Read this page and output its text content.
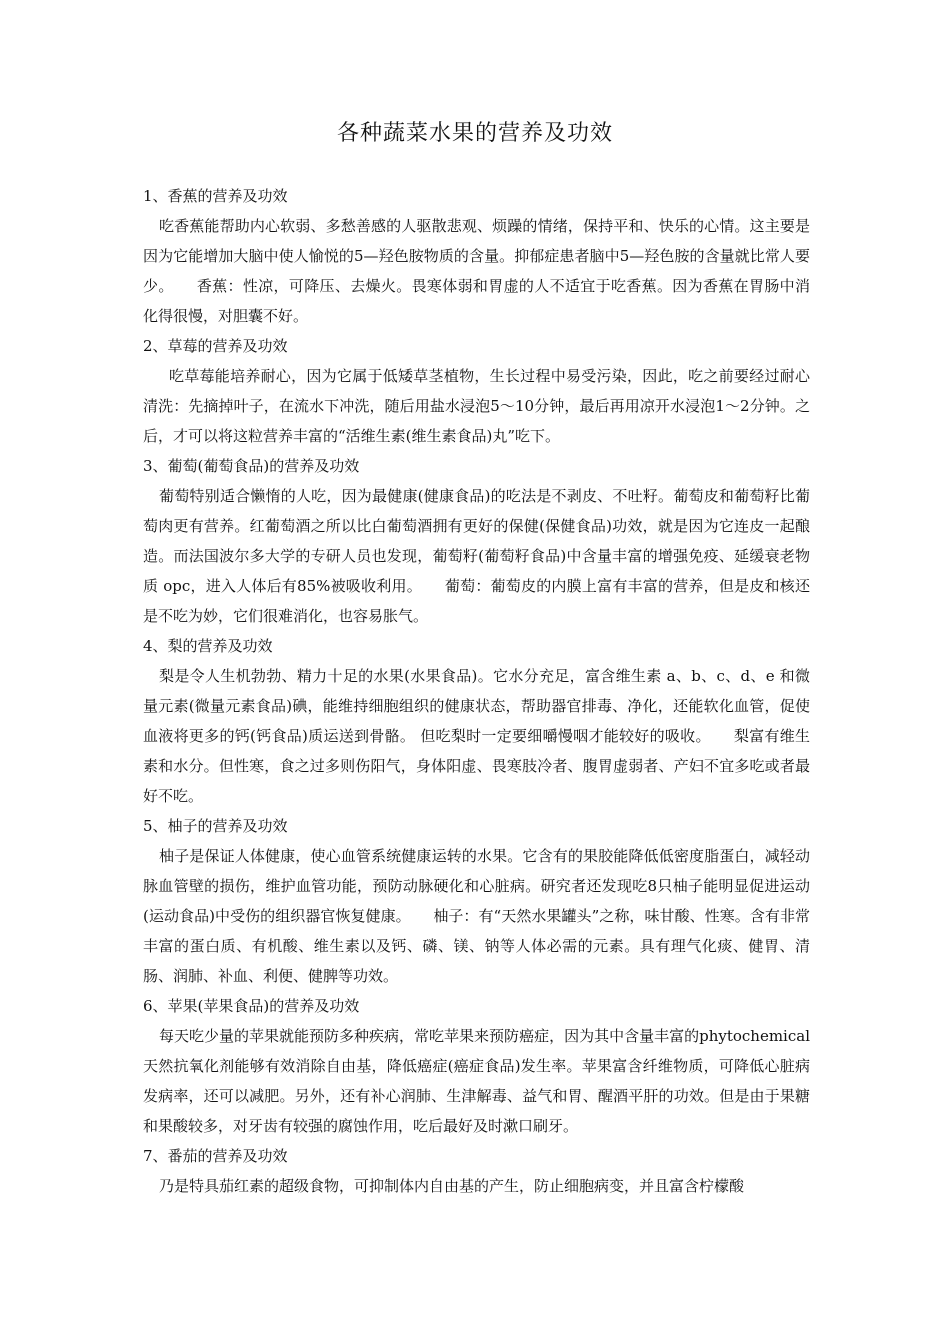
各种蔬菜水果的营养及功效
1、香蕉的营养及功效
吃香蕉能帮助内心软弱、多愁善感的人驱散悲观、烦躁的情绪，保持平和、快乐的心情。这主要是因为它能增加大脑中使人愉悦的5—羟色胺物质的含量。抑郁症患者脑中5—羟色胺的含量就比常人要少。　　香蕉：性凉，可降压、去燥火。畏寒体弱和胃虚的人不适宜于吃香蕉。因为香蕉在胃肠中消化得很慢，对胆囊不好。
2、草莓的营养及功效
吃草莓能培养耐心，因为它属于低矮草茎植物，生长过程中易受污染，因此，吃之前要经过耐心清洗：先摘掉叶子，在流水下冲洗，随后用盐水浸泡5～10分钟，最后再用凉开水浸泡1～2分钟。之后，才可以将这粒营养丰富的“活维生素(维生素食品)丸”吃下。
3、葡萄(葡萄食品)的营养及功效
葡萄特别适合懒惰的人吃，因为最健康(健康食品)的吃法是不剥皮、不吐籽。葡萄皮和葡萄籽比葡萄肉更有营养。红葡萄酒之所以比白葡萄酒拥有更好的保健(保健食品)功效，就是因为它连皮一起酿造。而法国波尔多大学的专研人员也发现，葡萄籽(葡萄籽食品)中含量丰富的增强免疫、延缓衰老物质 opc，进入人体后有85%被吸收利用。　　葡萄：葡萄皮的内膜上富有丰富的营养，但是皮和核还是不吃为妙，它们很难消化，也容易胀气。
4、梨的营养及功效
梨是令人生机勃勃、精力十足的水果(水果食品)。它水分充足，富含维生素 a、b、c、d、e 和微量元素(微量元素食品)碘，能维持细胞组织的健康状态，帮助器官排毒、净化，还能软化血管，促使血液将更多的钙(钙食品)质运送到骨骼。 但吃梨时一定要细嚼慢咽才能较好的吸收。　　梨富有维生素和水分。但性寒，食之过多则伤阳气，身体阳虚、畏寒肢冷者、腹胃虚弱者、产妇不宜多吃或者最好不吃。
5、柚子的营养及功效
柚子是保证人体健康，使心血管系统健康运转的水果。它含有的果胶能降低低密度脂蛋白，减轻动脉血管壁的损伤，维护血管功能，预防动脉硬化和心脏病。研究者还发现吃8只柚子能明显促进运动(运动食品)中受伤的组织器官恢复健康。　　柚子：有“天然水果罐头”之称，味甘酸、性寒。含有非常丰富的蛋白质、有机酸、维生素以及钙、磷、镁、钠等人体必需的元素。具有理气化痰、健胃、清肠、润肺、补血、利便、健脾等功效。
6、苹果(苹果食品)的营养及功效
每天吃少量的苹果就能预防多种疾病，常吃苹果来预防癌症，因为其中含量丰富的phytochemical 天然抗氧化剂能够有效消除自由基，降低癌症(癌症食品)发生率。苹果富含纤维物质，可降低心脏病发病率，还可以减肥。另外，还有补心润肺、生津解毒、益气和胃、醒酒平肝的功效。但是由于果糖和果酸较多，对牙齿有较强的腐蚀作用，吃后最好及时漱口刷牙。
7、番茄的营养及功效
乃是特具茄红素的超级食物，可抑制体内自由基的产生，防止细胞病变，并且富含柠檬酸
